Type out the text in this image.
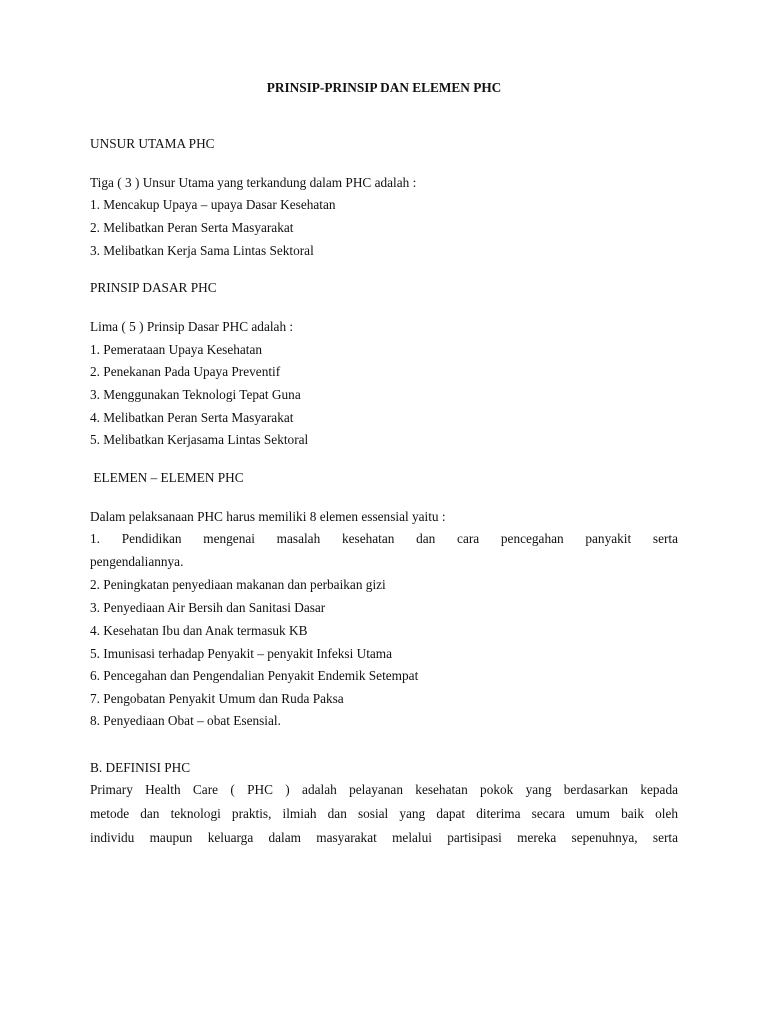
PRINSIP-PRINSIP DAN ELEMEN PHC
UNSUR UTAMA PHC
Tiga ( 3 ) Unsur Utama yang terkandung dalam PHC adalah :
1. Mencakup Upaya – upaya Dasar Kesehatan
2. Melibatkan Peran Serta Masyarakat
3. Melibatkan Kerja Sama Lintas Sektoral
PRINSIP DASAR PHC
Lima ( 5 ) Prinsip Dasar PHC adalah :
1. Pemerataan Upaya Kesehatan
2. Penekanan Pada Upaya Preventif
3. Menggunakan Teknologi Tepat Guna
4. Melibatkan Peran Serta Masyarakat
5. Melibatkan Kerjasama Lintas Sektoral
ELEMEN – ELEMEN PHC
Dalam pelaksanaan PHC harus memiliki 8 elemen essensial yaitu :
1. Pendidikan mengenai masalah kesehatan dan cara pencegahan panyakit serta
pengendaliannya.
2. Peningkatan penyediaan makanan dan perbaikan gizi
3. Penyediaan Air Bersih dan Sanitasi Dasar
4. Kesehatan Ibu dan Anak termasuk KB
5. Imunisasi terhadap Penyakit – penyakit Infeksi Utama
6. Pencegahan dan Pengendalian Penyakit Endemik Setempat
7. Pengobatan Penyakit Umum dan Ruda Paksa
8. Penyediaan Obat – obat Esensial.
B. DEFINISI PHC
Primary Health Care ( PHC ) adalah pelayanan kesehatan pokok yang berdasarkan kepada
metode dan teknologi praktis, ilmiah dan sosial yang dapat diterima secara umum baik oleh
individu maupun keluarga dalam masyarakat melalui partisipasi mereka sepenuhnya, serta
